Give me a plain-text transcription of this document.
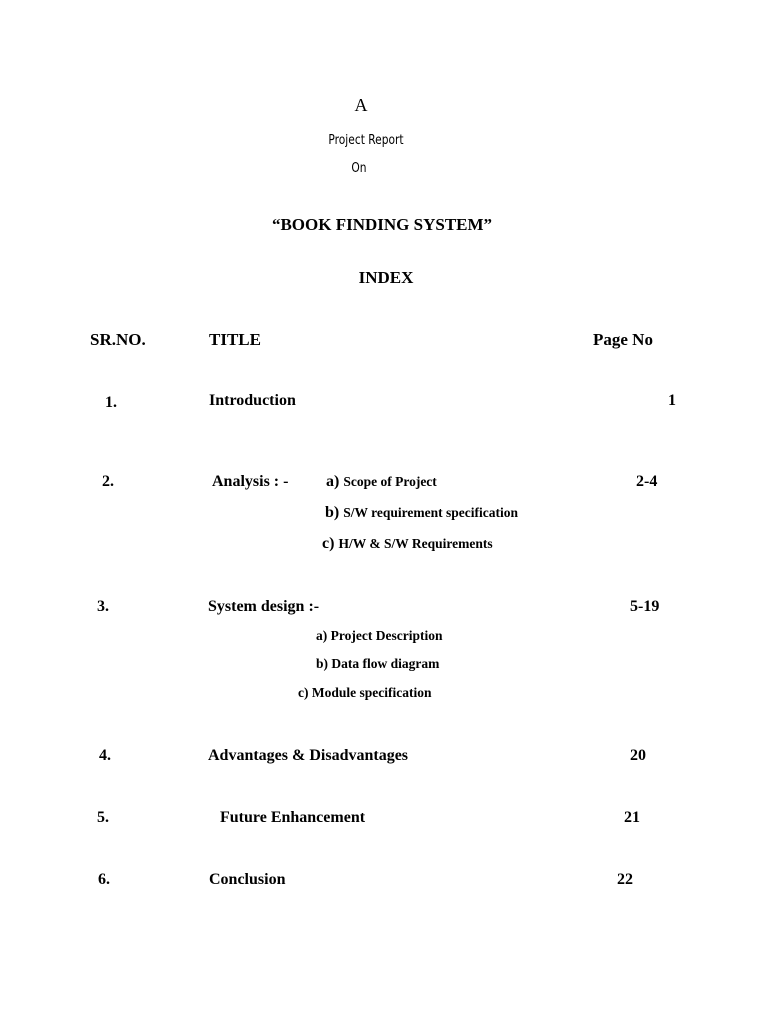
A
Project Report
On
“BOOK FINDING SYSTEM”
INDEX
SR.NO.	TITLE	Page No
1.	Introduction	1
2.	Analysis : -	2-4
a) Scope of Project
b) S/W requirement specification
c) H/W & S/W Requirements
3.	System design :-	5-19
a) Project Description
b) Data flow diagram
c) Module specification
4.	Advantages & Disadvantages	20
5.	Future Enhancement	21
6.	Conclusion	22
